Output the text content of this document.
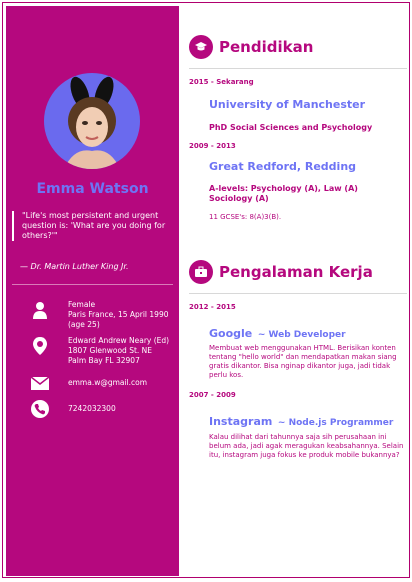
Emma Watson
"Life's most persistent and urgent question is: 'What are you doing for others?'"
— Dr. Martin Luther King Jr.
Female
Paris France, 15 April 1990
(age 25)
Edward Andrew Neary (Ed)
1807 Glenwood St. NE
Palm Bay FL 32907
emma.w@gmail.com
7242032300
Pendidikan
2015 - Sekarang
University of Manchester
PhD Social Sciences and Psychology
2009 - 2013
Great Redford, Redding
A-levels: Psychology (A), Law (A) Sociology (A)
11 GCSE's: 8(A)3(B).
Pengalaman Kerja
2012 - 2015
Google ~ Web Developer
Membuat web menggunakan HTML. Berisikan konten tentang "hello world" dan mendapatkan makan siang gratis dikantor. Bisa nginap dikantor juga, jadi tidak perlu kos.
2007 - 2009
Instagram ~ Node.js Programmer
Kalau dilihat dari tahunnya saja sih perusahaan ini belum ada, jadi agak meragukan keabsahannya. Selain itu, instagram juga fokus ke produk mobile bukannya?
